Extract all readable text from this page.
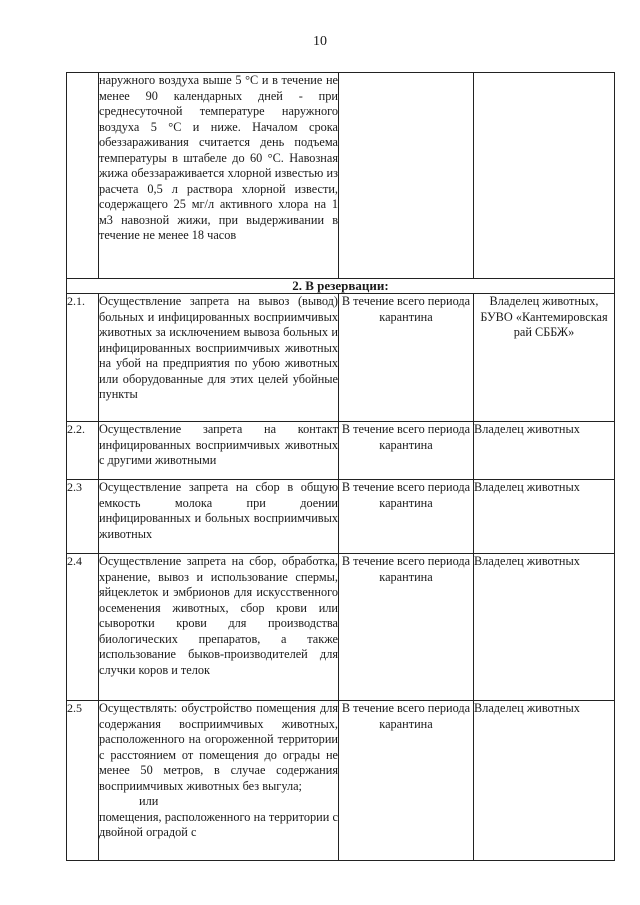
10
	наружного воздуха выше 5 °С и в течение не менее 90 календарных дней - при среднесуточной температуре наружного воздуха 5 °С и ниже. Началом срока обеззараживания считается день подъема температуры в штабеле до 60 °С. Навозная жижа обеззараживается хлорной известью из расчета 0,5 л раствора хлорной извести, содержащего 25 мг/л активного хлора на 1 м3 навозной жижи, при выдерживании в течение не менее 18 часов		
2. В резервации:			
2.1.	Осуществление запрета на вывоз (вывод) больных и инфицированных восприимчивых животных за исключением вывоза больных и инфицированных восприимчивых животных на убой на предприятия по убою животных или оборудованные для этих целей убойные пункты	В течение всего периода карантина	Владелец животных, БУВО «Кантемировская рай СББЖ»
2.2.	Осуществление запрета на контакт инфицированных восприимчивых животных с другими животными	В течение всего периода карантина	Владелец животных
2.3	Осуществление запрета на сбор в общую емкость молока при доении инфицированных и больных восприимчивых животных	В течение всего периода карантина	Владелец животных
2.4	Осуществление запрета на сбор, обработка, хранение, вывоз и использование спермы, яйцеклеток и эмбрионов для искусственного осеменения животных, сбор крови или сыворотки крови для производства биологических препаратов, а также использование быков-производителей для случки коров и телок	В течение всего периода карантина	Владелец животных
2.5	Осуществлять: обустройство помещения для содержания восприимчивых животных, расположенного на огороженной территории с расстоянием от помещения до ограды не менее 50 метров, в случае содержания восприимчивых животных без выгула;
или
помещения, расположенного на территории с двойной оградой с	В течение всего периода карантина	Владелец животных
